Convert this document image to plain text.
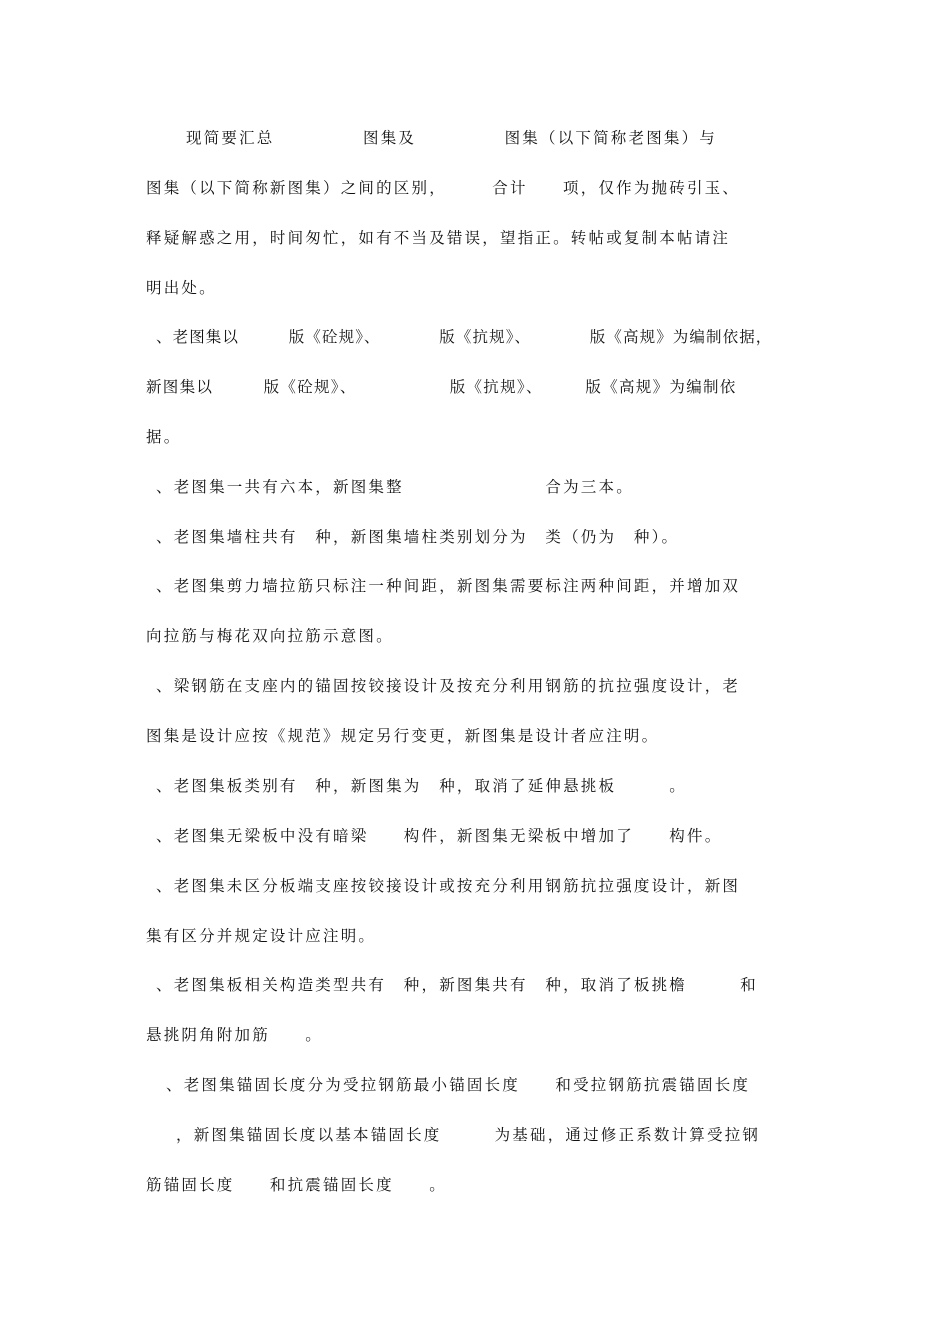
现简要汇总　　　　　图集及　　　　　图集（以下简称老图集）与

图集（以下简称新图集）之间的区别，　　　合计　　项，仅作为抛砖引玉、

释疑解惑之用，时间匆忙，如有不当及错误，望指正。转帖或复制本帖请注

明出处。

、老图集以　　　版《砼规》、　　　　版《抗规》、　　　　版《高规》为编制依据，

新图集以　　　版《砼规》、　　　　　　版《抗规》、　　　版《高规》为编制依

据。

、老图集一共有六本，新图集整　　　　　　　　合为三本。

、老图集墙柱共有　种，新图集墙柱类别划分为　类（仍为　种）。

、老图集剪力墙拉筋只标注一种间距，新图集需要标注两种间距，并增加双

向拉筋与梅花双向拉筋示意图。

、梁钢筋在支座内的锚固按铰接设计及按充分利用钢筋的抗拉强度设计，老

图集是设计应按《规范》规定另行变更，新图集是设计者应注明。

、老图集板类别有　种，新图集为　种，取消了延伸悬挑板　　　。

、老图集无梁板中没有暗梁　　构件，新图集无梁板中增加了　　构件。

、老图集未区分板端支座按铰接设计或按充分利用钢筋抗拉强度设计，新图

集有区分并规定设计应注明。

、老图集板相关构造类型共有　种，新图集共有　种，取消了板挑檐　　　和

悬挑阴角附加筋　　。

、老图集锚固长度分为受拉钢筋最小锚固长度　　和受拉钢筋抗震锚固长度

，新图集锚固长度以基本锚固长度　　　为基础，通过修正系数计算受拉钢

筋锚固长度　　和抗震锚固长度　　。
